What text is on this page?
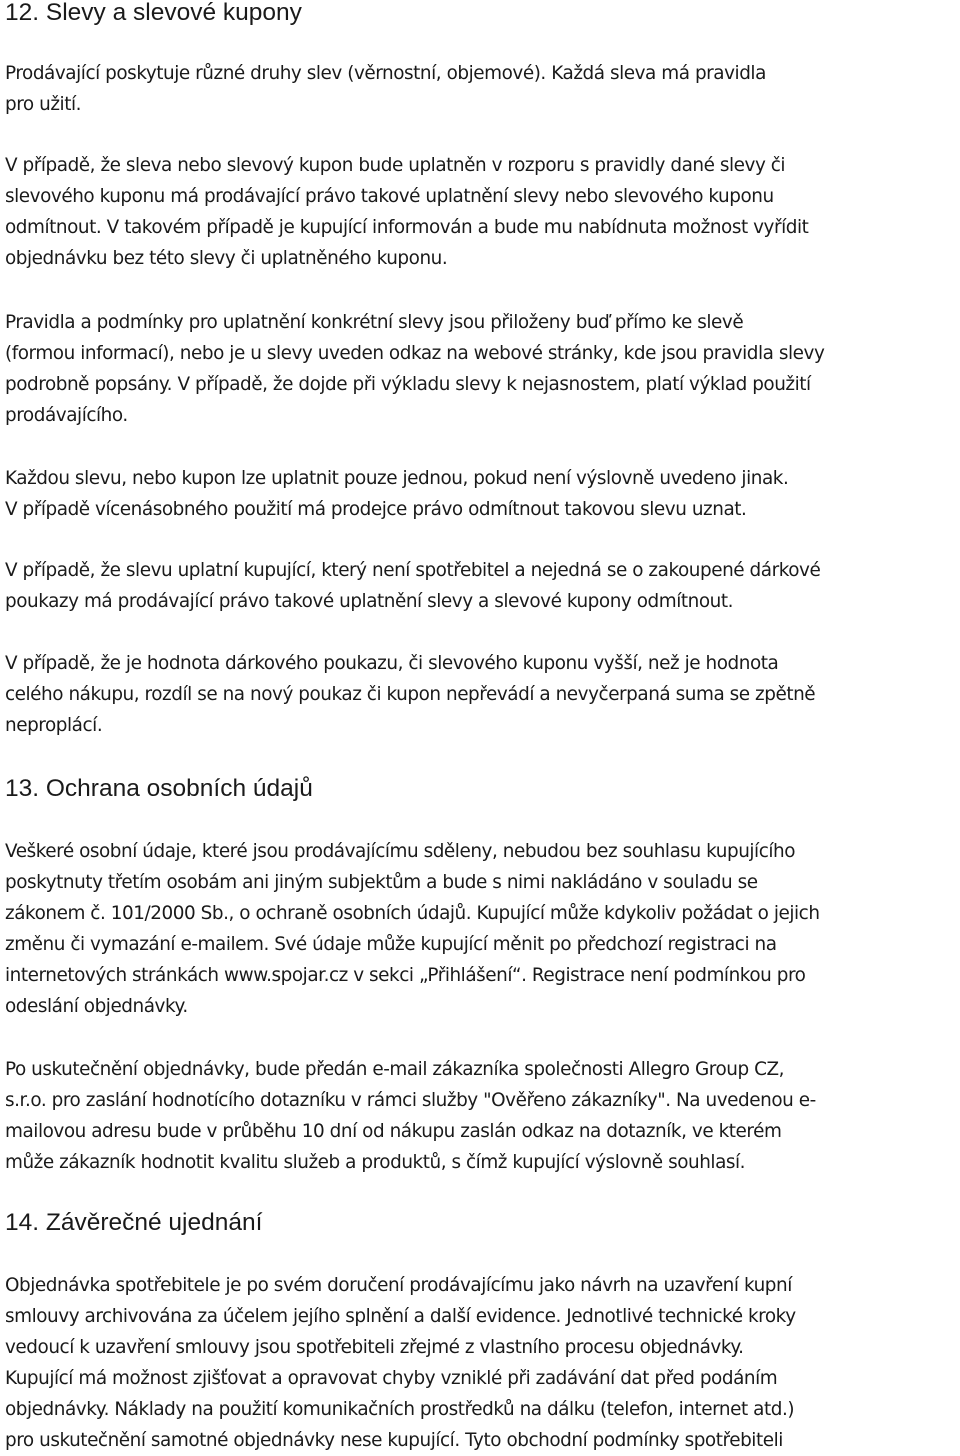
12. Slevy a slevové kupony

Prodávající poskytuje různé druhy slev (věrnostní, objemové). Každá sleva má pravidla
pro užití.

V případě, že sleva nebo slevový kupon bude uplatněn v rozporu s pravidly dané slevy či
slevového kuponu má prodávající právo takové uplatnění slevy nebo slevového kuponu
odmítnout. V takovém případě je kupující informován a bude mu nabídnuta možnost vyřídit
objednávku bez této slevy či uplatněného kuponu.

Pravidla a podmínky pro uplatnění konkrétní slevy jsou přiloženy buď přímo ke slevě
(formou informací), nebo je u slevy uveden odkaz na webové stránky, kde jsou pravidla slevy
podrobně popsány. V případě, že dojde při výkladu slevy k nejasnostem, platí výklad použití
prodávajícího.

Každou slevu, nebo kupon lze uplatnit pouze jednou, pokud není výslovně uvedeno jinak.
V případě vícenásobného použití má prodejce právo odmítnout takovou slevu uznat.

V případě, že slevu uplatní kupující, který není spotřebitel a nejedná se o zakoupené dárkové
poukazy má prodávající právo takové uplatnění slevy a slevové kupony odmítnout.

V případě, že je hodnota dárkového poukazu, či slevového kuponu vyšší, než je hodnota
celého nákupu, rozdíl se na nový poukaz či kupon nepřevádí a nevyčerpaná suma se zpětně
neproplácí.

13. Ochrana osobních údajů

Veškeré osobní údaje, které jsou prodávajícímu sděleny, nebudou bez souhlasu kupujícího
poskytnuty třetím osobám ani jiným subjektům a bude s nimi nakládáno v souladu se
zákonem č. 101/2000 Sb., o ochraně osobních údajů. Kupující může kdykoliv požádat o jejich
změnu či vymazání e-mailem. Své údaje může kupující měnit po předchozí registraci na
internetových stránkách www.spojar.cz v sekci „Přihlášení“. Registrace není podmínkou pro
odeslání objednávky.

Po uskutečnění objednávky, bude předán e-mail zákazníka společnosti Allegro Group CZ,
s.r.o. pro zaslání hodnotícího dotazníku v rámci služby "Ověřeno zákazníky". Na uvedenou e-
mailovou adresu bude v průběhu 10 dní od nákupu zaslán odkaz na dotazník, ve kterém
může zákazník hodnotit kvalitu služeb a produktů, s čímž kupující výslovně souhlasí.

14. Závěrečné ujednání

Objednávka spotřebitele je po svém doručení prodávajícímu jako návrh na uzavření kupní
smlouvy archivována za účelem jejího splnění a další evidence. Jednotlivé technické kroky
vedoucí k uzavření smlouvy jsou spotřebiteli zřejmé z vlastního procesu objednávky.
Kupující má možnost zjišťovat a opravovat chyby vzniklé při zadávání dat před podáním
objednávky. Náklady na použití komunikačních prostředků na dálku (telefon, internet atd.)
pro uskutečnění samotné objednávky nese kupující. Tyto obchodní podmínky spotřebiteli
